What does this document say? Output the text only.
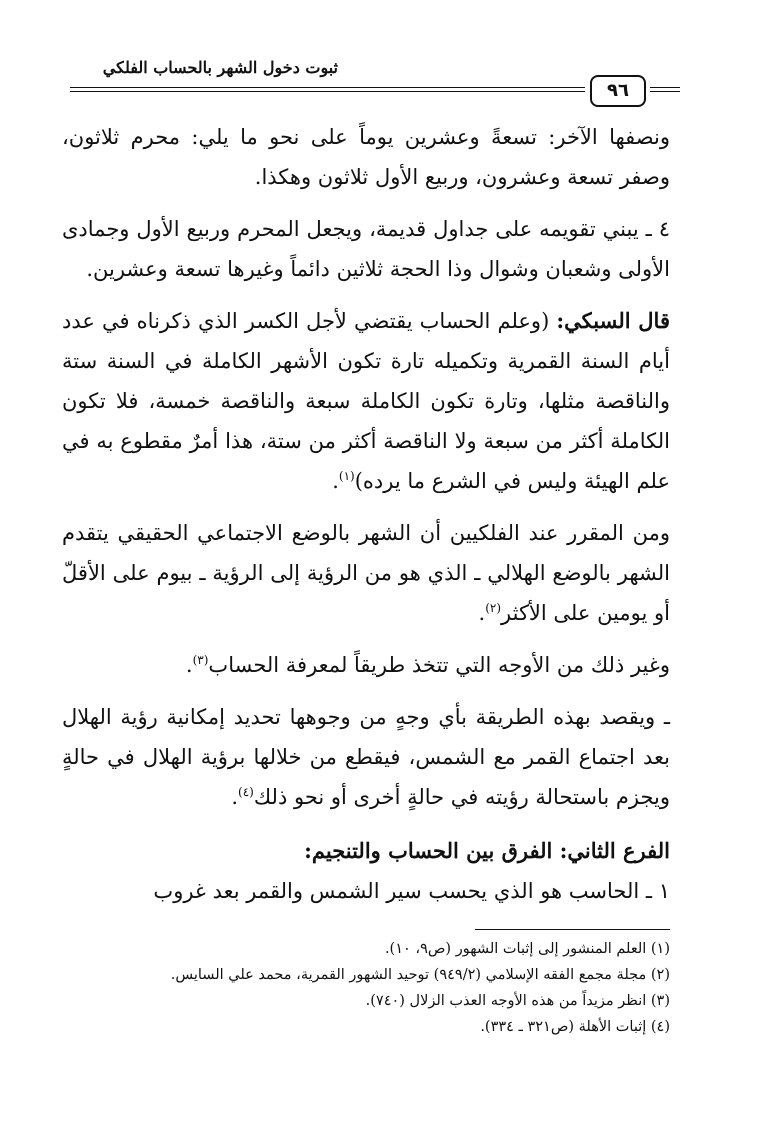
ثبوت دخول الشهر بالحساب الفلكي
٩٦

ونصفها الآخر: تسعةً وعشرين يوماً على نحو ما يلي: محرم ثلاثون، وصفر تسعة وعشرون، وربيع الأول ثلاثون وهكذا.

٤ ـ يبني تقويمه على جداول قديمة، ويجعل المحرم وربيع الأول وجمادى الأولى وشعبان وشوال وذا الحجة ثلاثين دائماً وغيرها تسعة وعشرين.

قال السبكي: (وعلم الحساب يقتضي لأجل الكسر الذي ذكرناه في عدد أيام السنة القمرية وتكميله تارة تكون الأشهر الكاملة في السنة ستة والناقصة مثلها، وتارة تكون الكاملة سبعة والناقصة خمسة، فلا تكون الكاملة أكثر من سبعة ولا الناقصة أكثر من ستة، هذا أمرٌ مقطوع به في علم الهيئة وليس في الشرع ما يرده)$^{(١)}$.

ومن المقرر عند الفلكيين أن الشهر بالوضع الاجتماعي الحقيقي يتقدم الشهر بالوضع الهلالي ـ الذي هو من الرؤية إلى الرؤية ـ بيوم على الأقلّ أو يومين على الأكثر$^{(٢)}$.

وغير ذلك من الأوجه التي تتخذ طريقاً لمعرفة الحساب$^{(٣)}$.

ـ ويقصد بهذه الطريقة بأي وجهٍ من وجوهها تحديد إمكانية رؤية الهلال بعد اجتماع القمر مع الشمس، فيقطع من خلالها برؤية الهلال في حالةٍ ويجزم باستحالة رؤيته في حالةٍ أخرى أو نحو ذلك$^{(٤)}$.

الفرع الثاني: الفرق بين الحساب والتنجيم:

١ ـ الحاسب هو الذي يحسب سير الشمس والقمر بعد غروب

(١) العلم المنشور إلى إثبات الشهور (ص٩، ١٠).
(٢) مجلة مجمع الفقه الإسلامي (٩٤٩/٢) توحيد الشهور القمرية، محمد علي السايس.
(٣) انظر مزيداً من هذه الأوجه العذب الزلال (٧٤٠).
(٤) إثبات الأهلة (ص٣٢١ ـ ٣٣٤).
